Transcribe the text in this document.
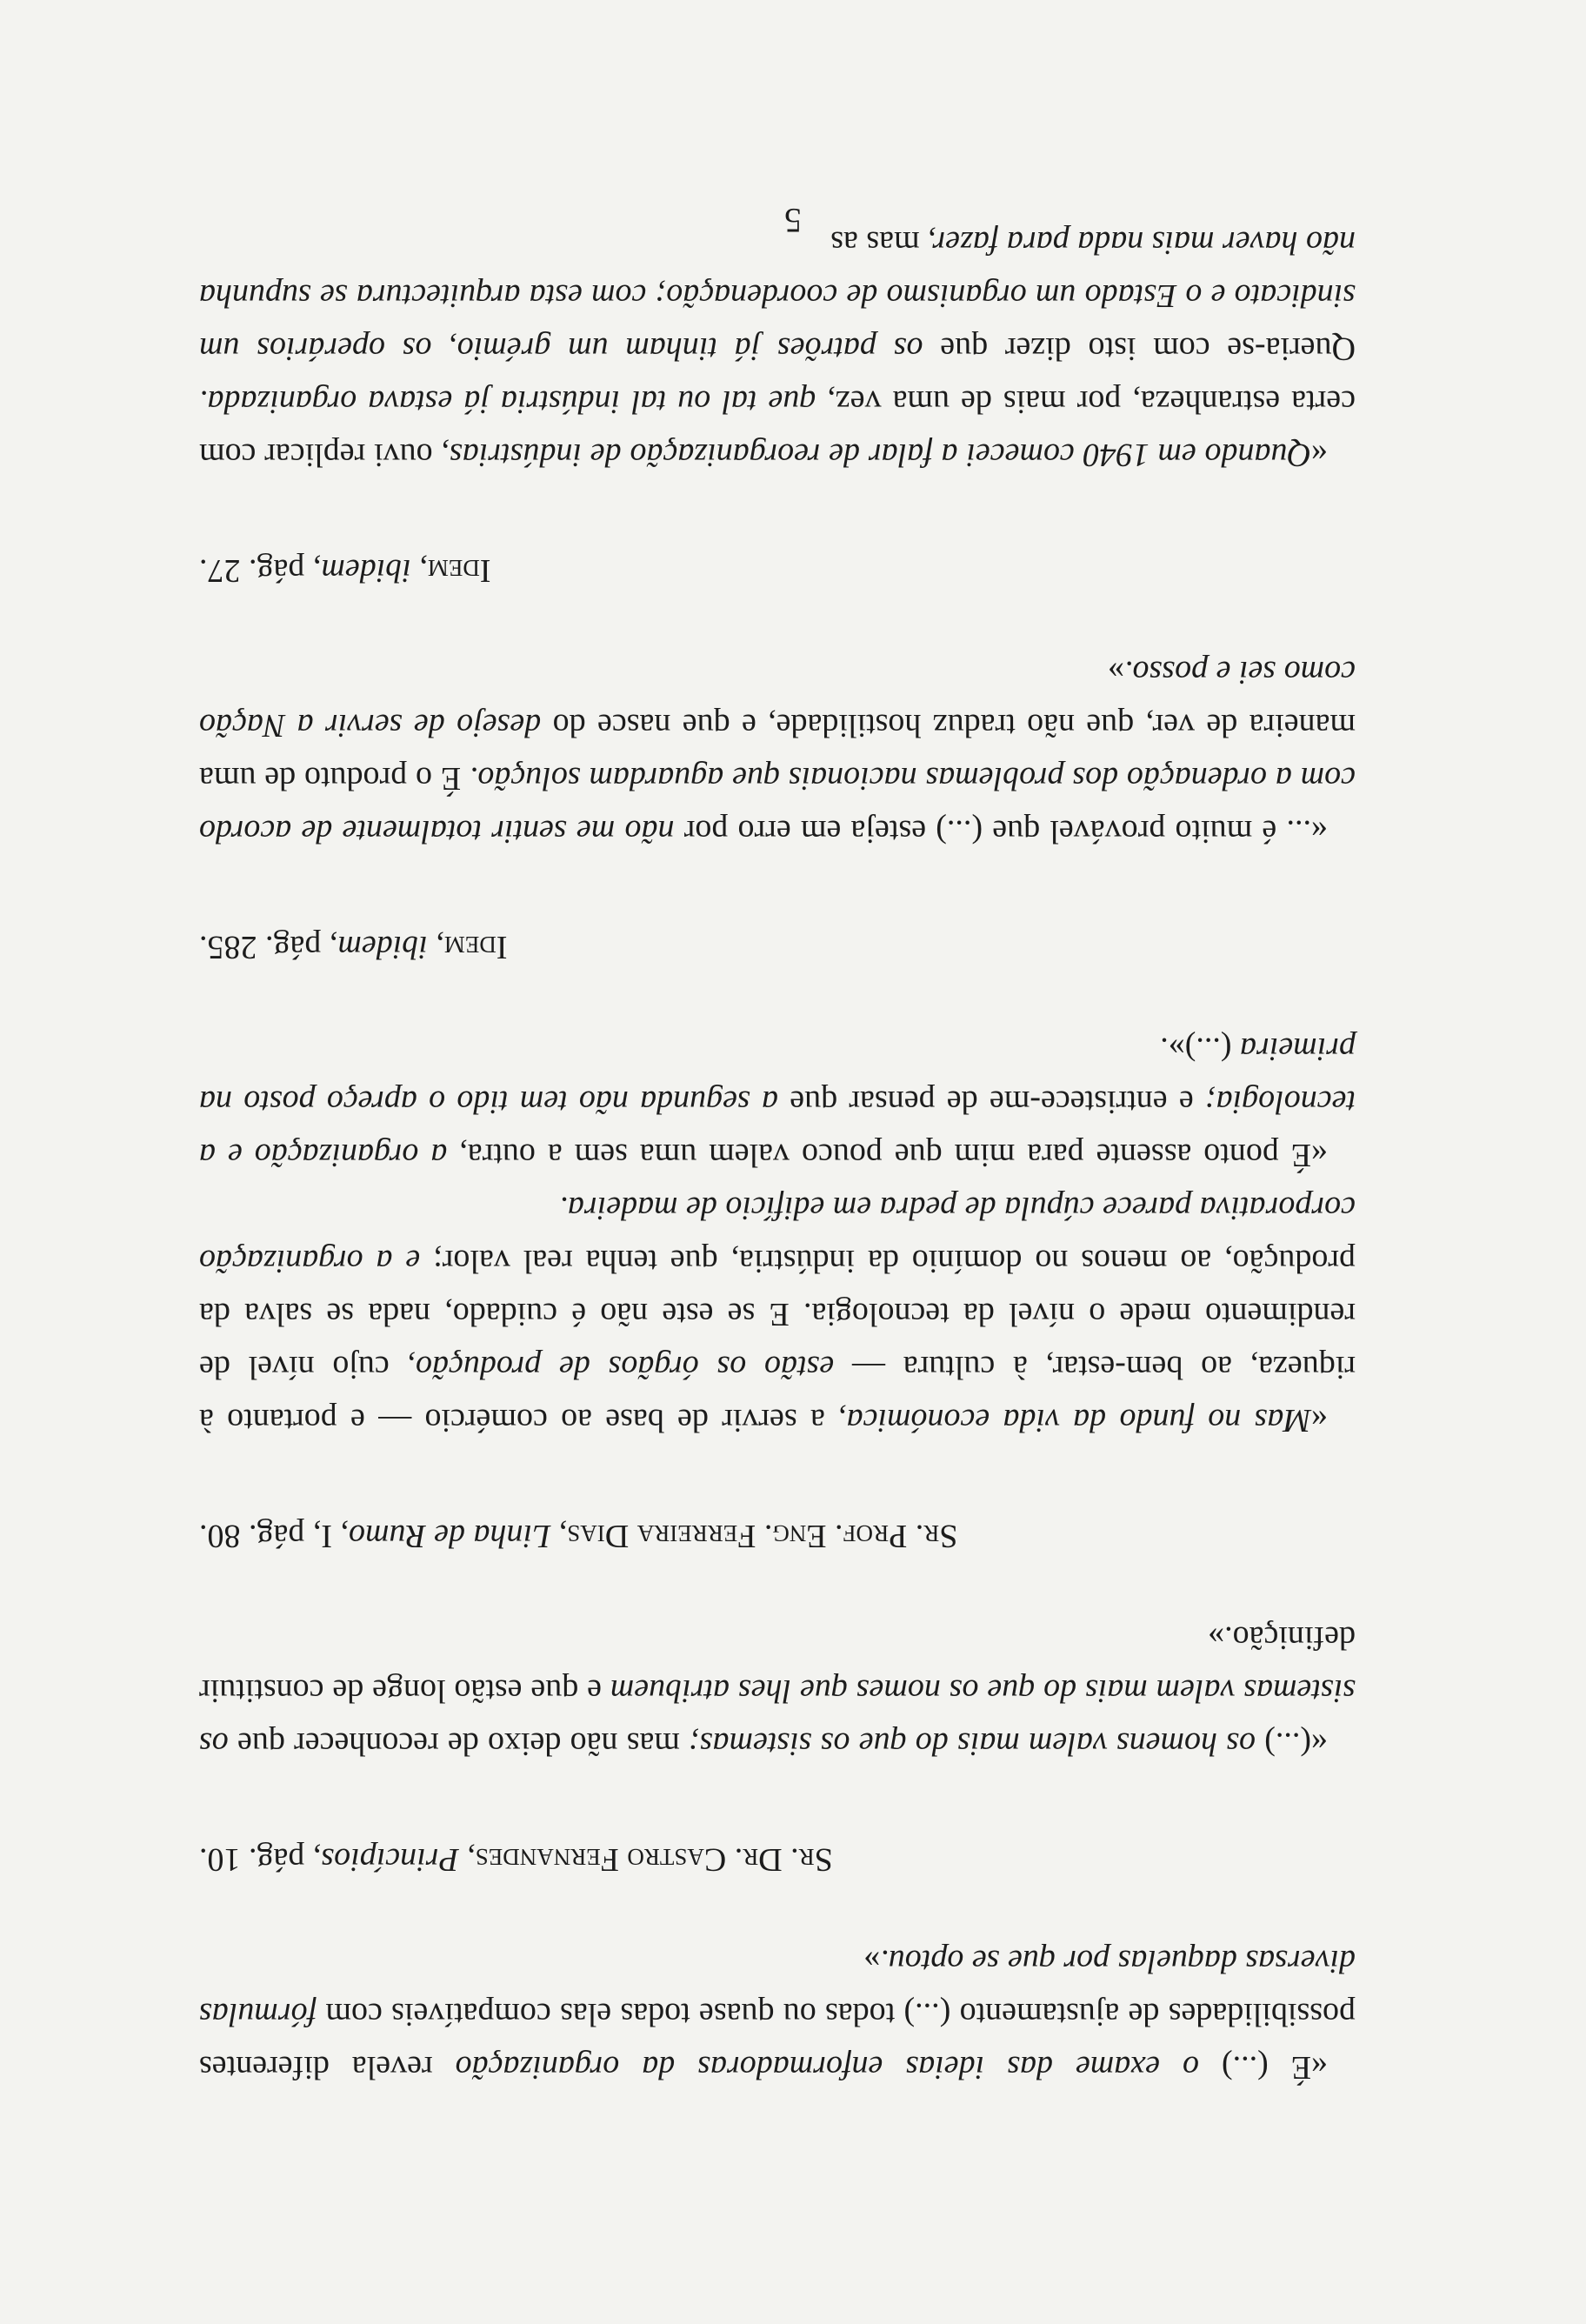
«É (...) o exame das ideias enformadoras da organização revela diferentes possibilidades de ajustamento (...) todas ou quase todas elas compatíveis com fórmulas diversas daquelas por que se optou.»

Sr. Dr. Castro Fernandes, Princípios, pág. 10.

«(...) os homens valem mais do que os sistemas; mas não deixo de reconhecer que os sistemas valem mais do que os nomes que lhes atribuem e que estão longe de constituir definição.»

Sr. Prof. Eng. Ferreira Dias, Linha de Rumo, I, pág. 80.

«Mas no fundo da vida económica, a servir de base ao comércio — e portanto à riqueza, ao bem-estar, à cultura — estão os órgãos de produção, cujo nível de rendimento mede o nível da tecnologia. E se este não é cuidado, nada se salva da produção, ao menos no domínio da indústria, que tenha real valor; e a organização corporativa parece cúpula de pedra em edifício de madeira.

«É ponto assente para mim que pouco valem uma sem a outra, a organização e a tecnologia; e entristece-me de pensar que a segunda não tem tido o apreço posto na primeira (...)».

Idem, ibidem, pág. 285.

«... é muito provável que (...) esteja em erro por não me sentir totalmente de acordo com a ordenação dos problemas nacionais que aguardam solução. É o produto de uma maneira de ver, que não traduz hostilidade, e que nasce do desejo de servir a Nação como sei e posso.»

Idem, ibidem, pág. 27.

«Quando em 1940 comecei a falar de reorganização de indústrias, ouvi replicar com certa estranheza, por mais de uma vez, que tal ou tal indústria já estava organizada. Queria-se com isto dizer que os patrões já tinham um grémio, os operários um sindicato e o Estado um organismo de coordenação; com esta arquitectura se supunha não haver mais nada para fazer, mas as

5
